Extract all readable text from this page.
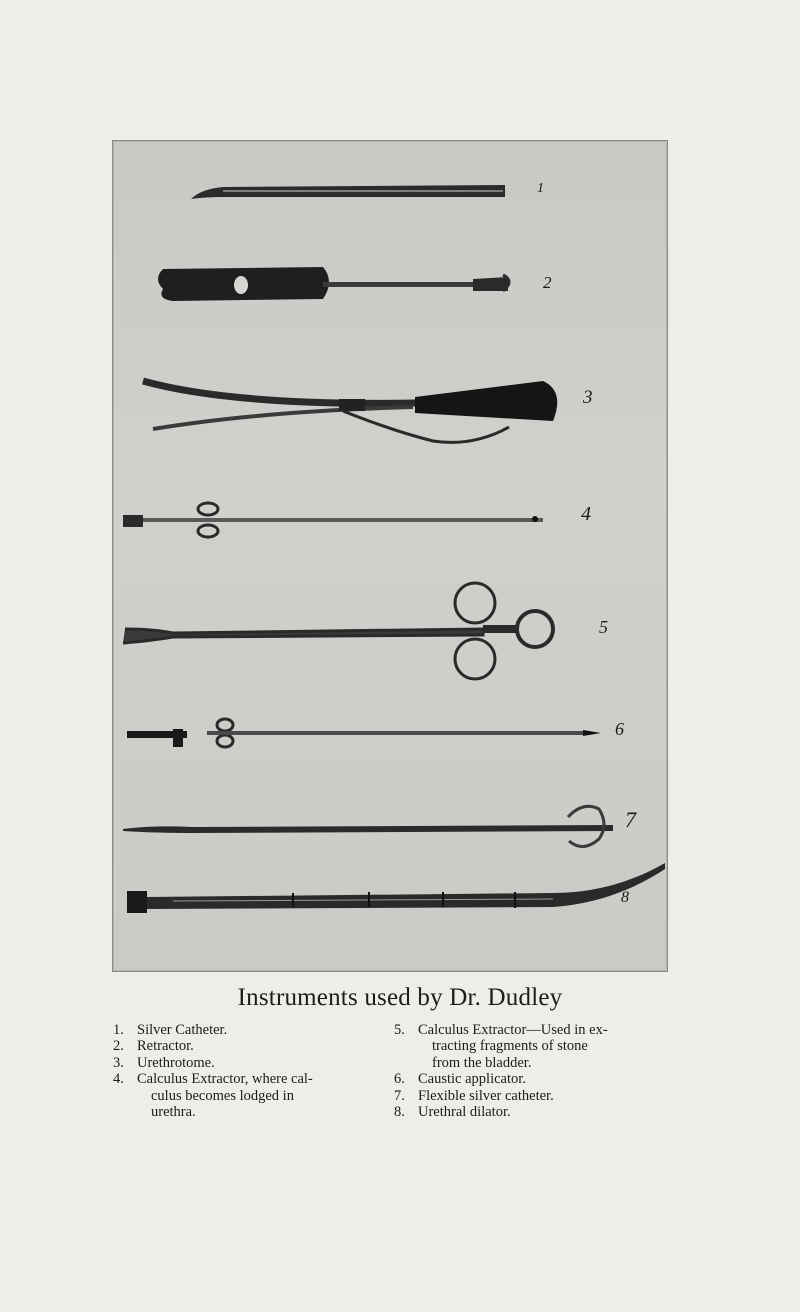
1
2
3
4
5
6
7
8
Instruments used by Dr. Dudley
1. Silver Catheter.
2. Retractor.
3. Urethrotome.
4. Calculus Extractor, where cal-
culus becomes lodged in
urethra.
5. Calculus Extractor—Used in ex-
tracting fragments of stone
from the bladder.
6. Caustic applicator.
7. Flexible silver catheter.
8. Urethral dilator.
